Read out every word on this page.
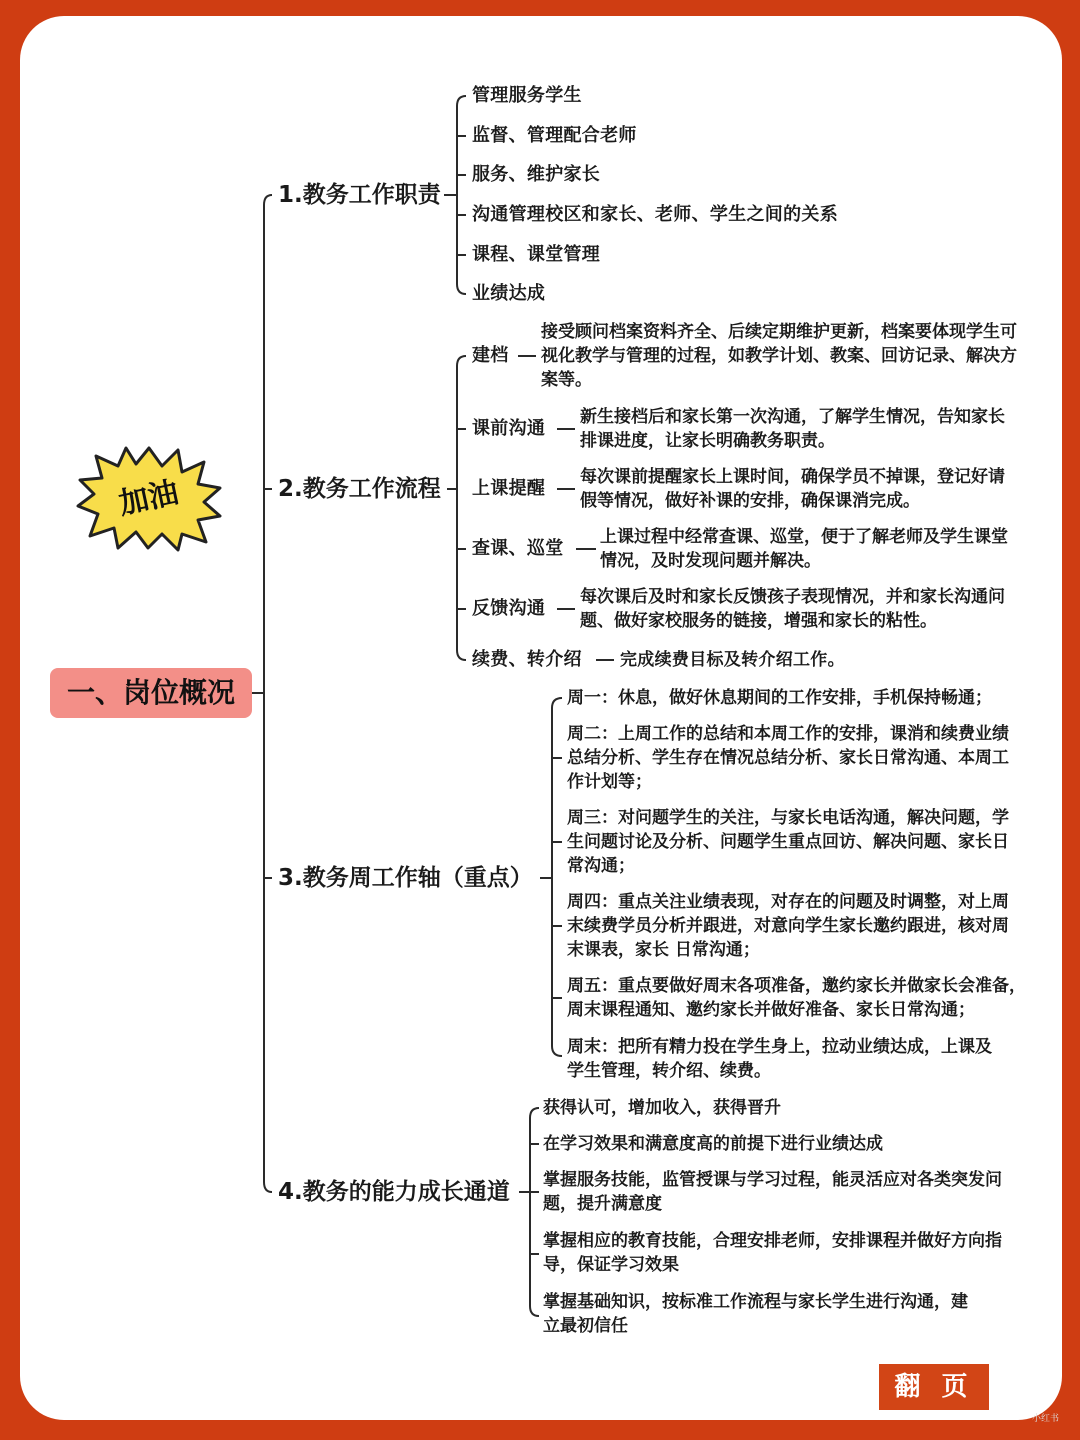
一、岗位概况
加油
1.教务工作职责
管理服务学生
监督、管理配合老师
服务、维护家长
沟通管理校区和家长、老师、学生之间的关系
课程、课堂管理
业绩达成
2.教务工作流程
建档
接受顾问档案资料齐全、后续定期维护更新，档案要体现学生可视化教学与管理的过程，如教学计划、教案、回访记录、解决方案等。
课前沟通
新生接档后和家长第一次沟通，了解学生情况，告知家长排课进度，让家长明确教务职责。
上课提醒
每次课前提醒家长上课时间，确保学员不掉课，登记好请假等情况，做好补课的安排，确保课消完成。
查课、巡堂
上课过程中经常查课、巡堂，便于了解老师及学生课堂情况，及时发现问题并解决。
反馈沟通
每次课后及时和家长反馈孩子表现情况，并和家长沟通问题、做好家校服务的链接，增强和家长的粘性。
续费、转介绍 完成续费目标及转介绍工作。
3.教务周工作轴（重点）
周一：休息，做好休息期间的工作安排，手机保持畅通；
周二：上周工作的总结和本周工作的安排，课消和续费业绩总结分析、学生存在情况总结分析、家长日常沟通、本周工作计划等；
周三：对问题学生的关注，与家长电话沟通，解决问题，学生问题讨论及分析、问题学生重点回访、解决问题、家长日常沟通；
周四：重点关注业绩表现，对存在的问题及时调整，对上周末续费学员分析并跟进，对意向学生家长邀约跟进，核对周末课表，家长 日常沟通；
周五：重点要做好周末各项准备，邀约家长并做家长会准备，周末课程通知、邀约家长并做好准备、家长日常沟通；
周末：把所有精力投在学生身上，拉动业绩达成，上课及学生管理，转介绍、续费。
4.教务的能力成长通道
获得认可，增加收入，获得晋升
在学习效果和满意度高的前提下进行业绩达成
掌握服务技能，监管授课与学习过程，能灵活应对各类突发问题，提升满意度
掌握相应的教育技能，合理安排老师，安排课程并做好方向指导，保证学习效果
掌握基础知识，按标准工作流程与家长学生进行沟通，建立最初信任
翻 页
小红书
